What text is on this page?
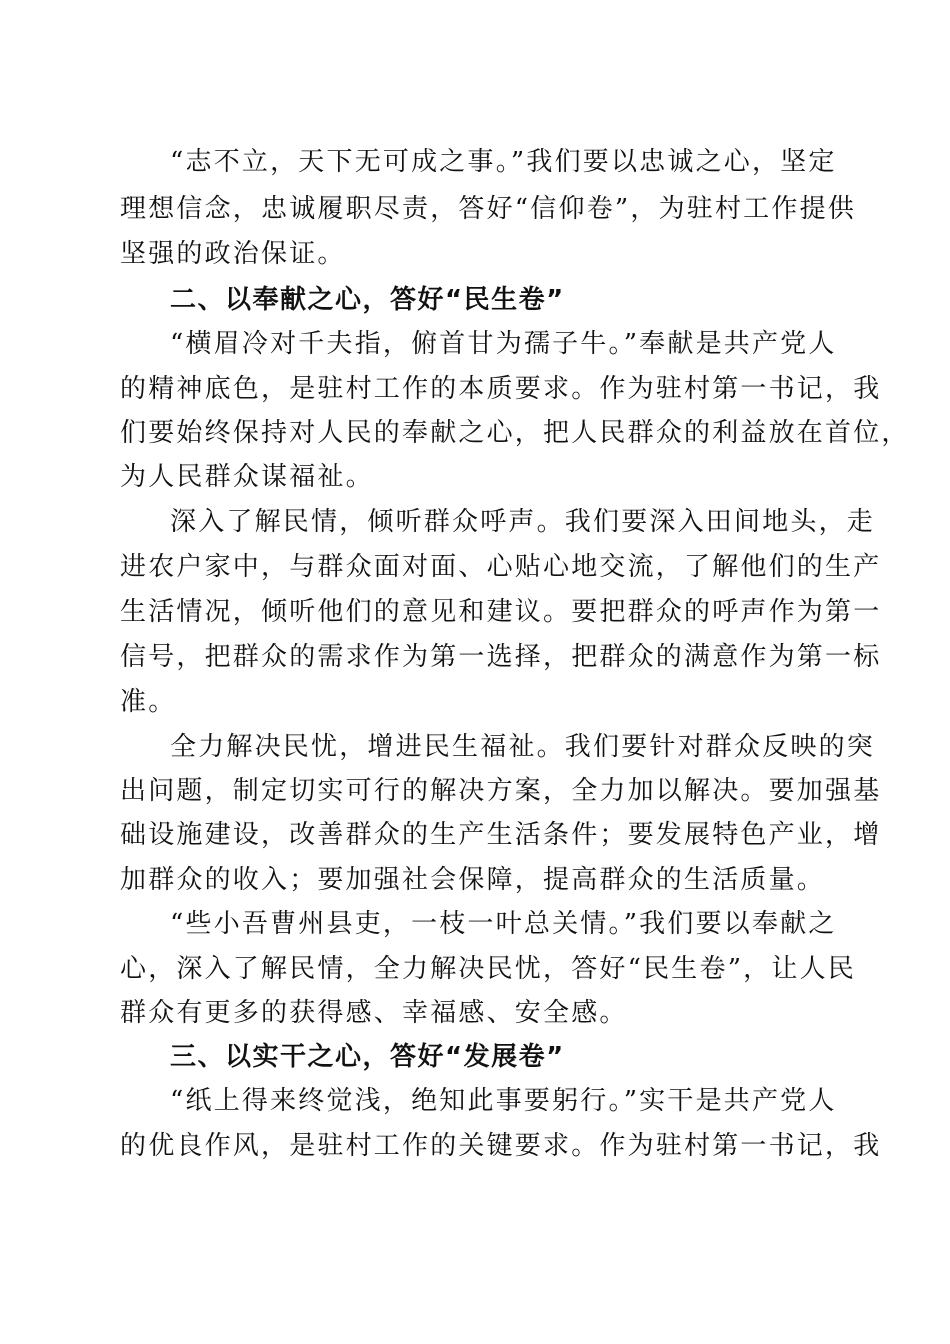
“志不立，天下无可成之事。”我们要以忠诚之心，坚定

理想信念，忠诚履职尽责，答好“信仰卷”，为驻村工作提供

坚强的政治保证。

二、以奉献之心，答好“民生卷”

“横眉冷对千夫指，俯首甘为孺子牛。”奉献是共产党人

的精神底色，是驻村工作的本质要求。作为驻村第一书记，我

们要始终保持对人民的奉献之心，把人民群众的利益放在首位，

为人民群众谋福祉。

深入了解民情，倾听群众呼声。我们要深入田间地头，走

进农户家中，与群众面对面、心贴心地交流，了解他们的生产

生活情况，倾听他们的意见和建议。要把群众的呼声作为第一

信号，把群众的需求作为第一选择，把群众的满意作为第一标

准。

全力解决民忧，增进民生福祉。我们要针对群众反映的突

出问题，制定切实可行的解决方案，全力加以解决。要加强基

础设施建设，改善群众的生产生活条件；要发展特色产业，增

加群众的收入；要加强社会保障，提高群众的生活质量。

“些小吾曹州县吏，一枝一叶总关情。”我们要以奉献之

心，深入了解民情，全力解决民忧，答好“民生卷”，让人民

群众有更多的获得感、幸福感、安全感。

三、以实干之心，答好“发展卷”

“纸上得来终觉浅，绝知此事要躬行。”实干是共产党人

的优良作风，是驻村工作的关键要求。作为驻村第一书记，我
